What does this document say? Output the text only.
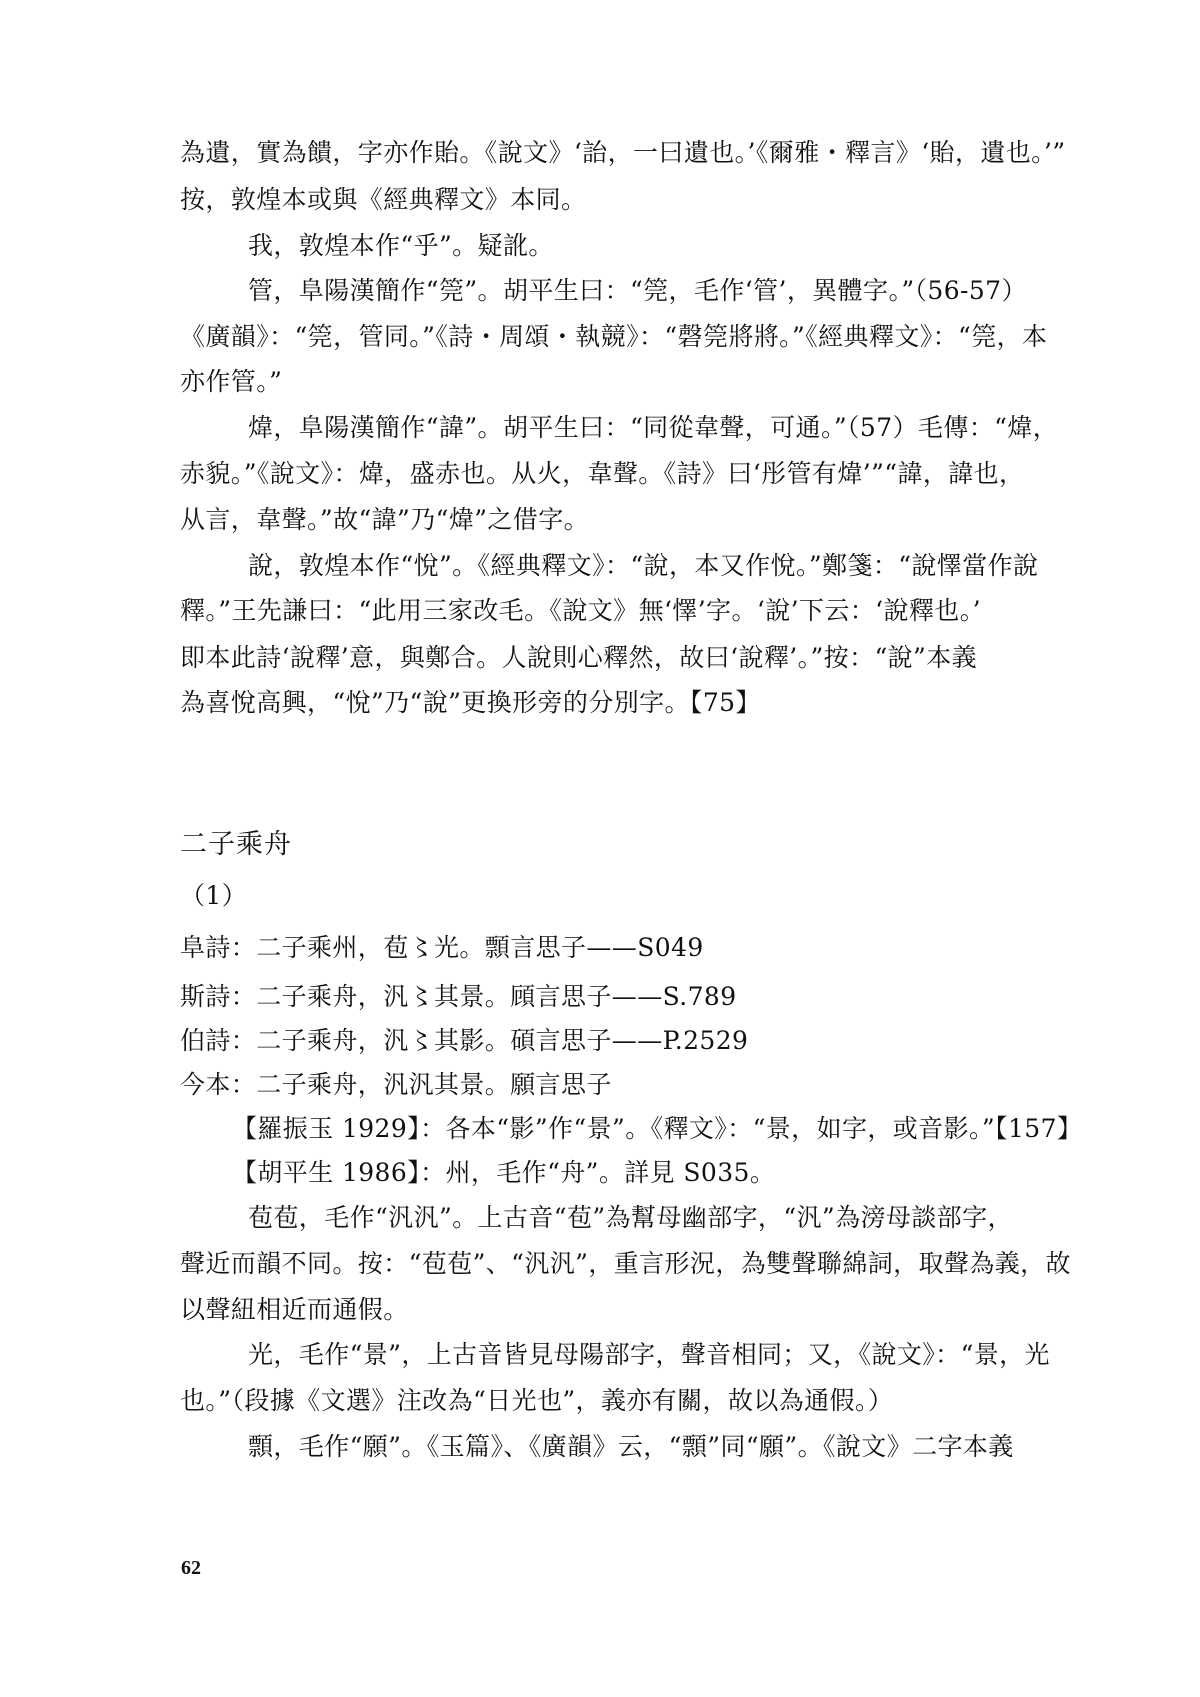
為遺，實為饋，字亦作貽。《說文》‘詒，一曰遺也。’《爾雅・釋言》‘貽，遺也。’”
按，敦煌本或與《經典釋文》本同。
我，敦煌本作“乎”。疑訛。
管，阜陽漢簡作“筦”。胡平生曰：“筦，毛作‘管’，異體字。”（56-57）
《廣韻》：“筦，管同。”《詩・周頌・執競》：“磬筦將將。”《經典釋文》：“筦，本
亦作管。”
煒，阜陽漢簡作“諱”。胡平生曰：“同從韋聲，可通。”（57）毛傳：“煒，
赤貌。”《說文》：煒，盛赤也。从火，韋聲。《詩》曰‘彤管有煒’”“諱，諱也，
从言，韋聲。”故“諱”乃“煒”之借字。
說，敦煌本作“悅”。《經典釋文》：“說，本又作悅。”鄭箋：“說懌當作說
釋。”王先謙曰：“此用三家改毛。《說文》無‘懌’字。‘說’下云：‘說釋也。’
即本此詩‘說釋’意，與鄭合。人說則心釋然，故曰‘說釋’。”按：“說”本義
為喜悅高興，“悅”乃“說”更換形旁的分別字。【75】
二子乘舟
（1）
阜詩：二子乘州，苞〻光。顠言思子——S049
斯詩：二子乘舟，汎〻其景。頋言思子——S.789
伯詩：二子乘舟，汎〻其影。碩言思子——P.2529
今本：二子乘舟，汎汎其景。願言思子
【羅振玉 1929】：各本“影”作“景”。《釋文》：“景，如字，或音影。”【157】
【胡平生 1986】：州，毛作“舟”。詳見 S035。
苞苞，毛作“汎汎”。上古音“苞”為幫母幽部字，“汎”為滂母談部字，
聲近而韻不同。按：“苞苞”、“汎汎”，重言形況，為雙聲聯綿詞，取聲為義，故
以聲紐相近而通假。
光，毛作“景”，上古音皆見母陽部字，聲音相同；又，《說文》：“景，光
也。”（段據《文選》注改為“日光也”，義亦有關，故以為通假。）
顠，毛作“願”。《玉篇》、《廣韻》云，“顠”同“願”。《說文》二字本義
62
